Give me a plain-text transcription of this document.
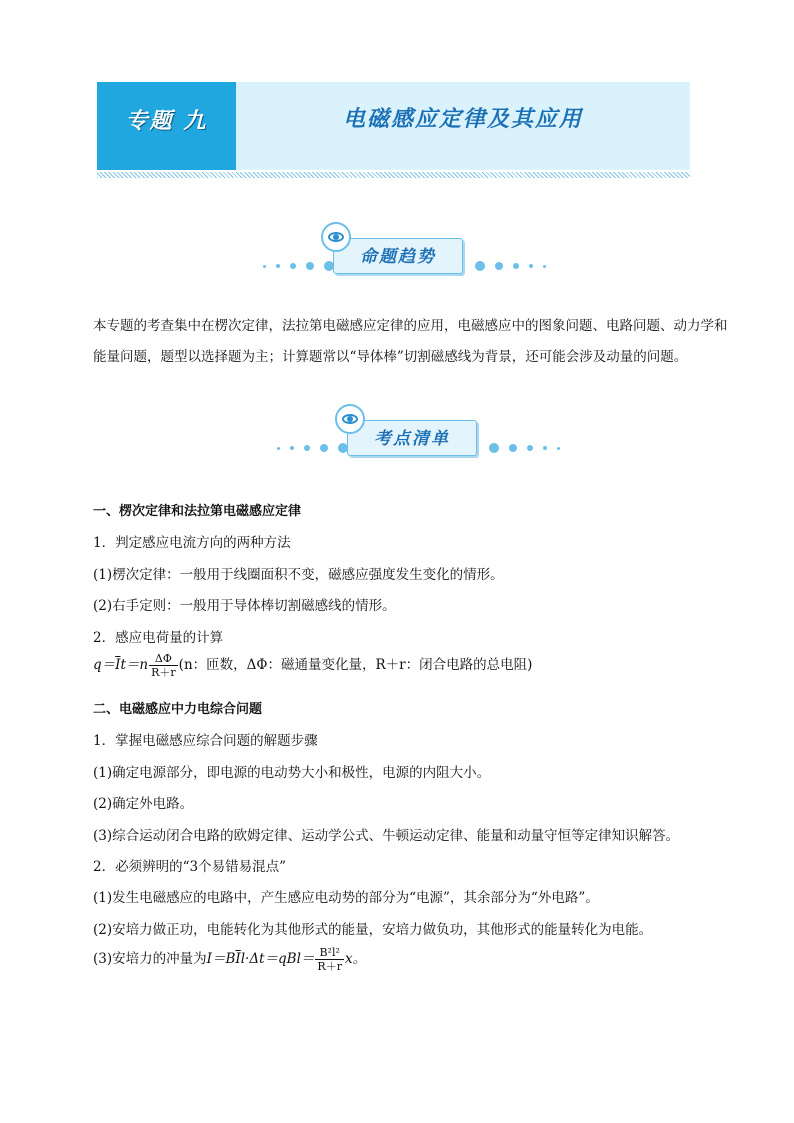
专题 九	电磁感应定律及其应用
命题趋势
本专题的考查集中在楞次定律，法拉第电磁感应定律的应用，电磁感应中的图象问题、电路问题、动力学和
能量问题，题型以选择题为主；计算题常以“导体棒”切割磁感线为背景，还可能会涉及动量的问题。
考点清单
一、楞次定律和法拉第电磁感应定律
1．判定感应电流方向的两种方法
(1)楞次定律：一般用于线圈面积不变，磁感应强度发生变化的情形。
(2)右手定则：一般用于导体棒切割磁感线的情形。
2．感应电荷量的计算
$q=\overline{I}t=n \frac{\Delta\Phi}{R+r} (n$：匝数，ΔΦ：磁通量变化量，R＋r：闭合电路的总电阻)
二、电磁感应中力电综合问题
1．掌握电磁感应综合问题的解题步骤
(1)确定电源部分，即电源的电动势大小和极性，电源的内阻大小。
(2)确定外电路。
(3)综合运动闭合电路的欧姆定律、运动学公式、牛顿运动定律、能量和动量守恒等定律知识解答。
2．必须辨明的“3个易错易混点”
(1)发生电磁感应的电路中，产生感应电动势的部分为“电源”，其余部分为“外电路”。
(2)安培力做正功，电能转化为其他形式的能量，安培力做负功，其他形式的能量转化为电能。
(3)安培力的冲量为$I=B\overline{I}l\cdot\Delta t=qBl= \frac{\text{B²l²}}{R+r}$ x。
